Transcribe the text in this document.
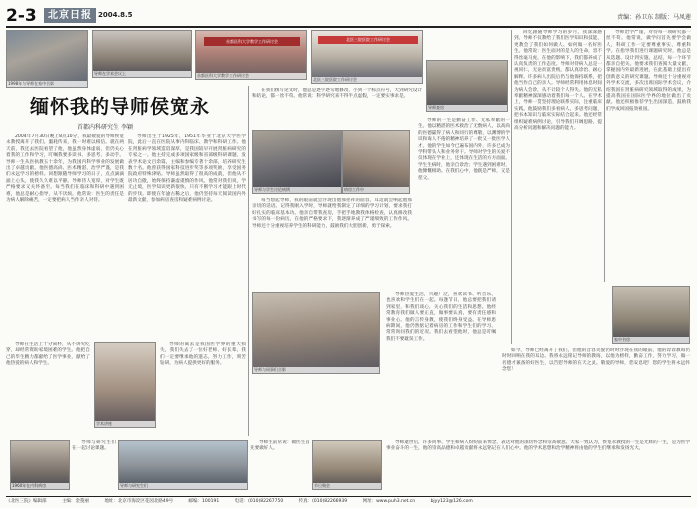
2-3	北京日报 2004.8.5	责编：孙卫东 制版：马凤莲
1998年与导师在家中合影
导师在学术会议上
首都医科大学教学工作研讨会
首都医科大学教学工作研讨会
北医三院医院工作研讨会
北医三院医院工作研讨会
导师查房
导师与学生讨论病例	病房工作中
导师与同事们合影
学术讲座
1960年在内科病房	导师与研究生们	节日聚会
家中书房
缅怀我的导师侯宽永
首都内科研究生 李颖

2004年7月30日晚上8点10分，我最敬爱的导师侯宽永教授离开了我们。噩耗传来，我一时难以相信。就在两天前，我还去医院看望了他，他虽然身体虚弱，但仍关心着我的工作和学习，叮嘱我要多读书、多思考、多动手。导师一生从医执教五十余年，为我国内科学事业的发展做出了卓越贡献。他医德高尚、医术精湛、治学严谨，是我们永远学习的榜样。回想跟随导师学习的日子，点点滴滴涌上心头，使我久久难以平静。导师待人宽厚，对学生既严格要求又关怀备至。每当我们在临床和科研中遇到困难，他总是耐心指导，从不厌烦。他常说：医生的责任是为病人解除痛苦，一定要把病人当作亲人对待。

导师出生于1925年，1951年毕业于北京大学医学院，此后一直在医院从事内科临床、教学和科研工作。他在肾脏病学领域造诣深厚，是我国较早开展肾脏病研究的专家之一。他主持完成多项国家级和省部级科研课题，发表学术论文百余篇，主编和参编专著十余部，培养研究生数十名。他曾获得国家科技进步奖等多项奖励，享受国务院政府特殊津贴。导师虽然取得了很高的成就，但他从不居功自傲，始终保持谦虚谨慎的作风。他常对我们说，学无止境，医学知识更新很快，只有不断学习才能跟上时代的步伐。即使在年逾古稀之后，他仍坚持每天阅读国内外最新文献，参加病房查房和疑难病例讨论。

导师在生活上十分简朴，从不讲究吃穿，却经常资助家境困难的学生。他把自己的毕生精力都献给了医学事业，献给了他热爱的病人和学生。

导师的离去是我国医学界的重大损失，我们失去了一位好老师、好长辈。我们一定要继承他的遗志，努力工作，刻苦钻研，为病人提供更好的服务。

每当想起导师，我的眼前就会浮现出他那慈祥的面容，耳边就会响起他那亲切的话语。记得我刚入学时，导师就给我制定了详细的学习计划，要求我打好扎实的临床基本功。他亲自带我查房，手把手地教我体格检查，认真修改我书写的每一份病历。在他的严格要求下，我逐渐养成了严谨细致的工作作风。导师还十分重视培养学生的科研能力，鼓励我们大胆创新，勇于探索。

在我们撰写论文时，他总是逐字逐句地修改，小到一个标点符号，大到研究设计和结论，都一丝不苟。他常说：科学研究来不得半点虚假，一定要实事求是。

导师热爱生活，兴趣广泛，喜欢读书、听音乐，也喜欢和学生们在一起。每逢节日，他总要把我们请到家里，和我们谈心，关心我们的生活和思想。他经常教育我们做人要正直，做事要认真，要有责任感和事业心。他的言传身教，使我们终身受益。在导师患病期间，他仍然惦记着病房的工作和学生们的学习，常常询问我们的近况。我们去看望他时，他总是叮嘱我们不要耽误工作。

导师的一生是勤奋工作、无私奉献的一生。他以精湛的医术救治了无数病人，以高尚的医德赢得了病人和同行的尊敬，以渊博的学识和诲人不倦的精神培养了一批又一批医学人才。他的学生如今已遍布国内外，许多已成为学科带头人和业务骨干。导师对学生的关爱不仅体现在学业上，还体现在生活的方方面面。学生生病时，他亲自诊治；学生遇到困难时，他慷慨相助。在我们心中，他既是严师，又是慈父。

回忆跟随导师学习的岁月，我深深感到，导师不仅教给了我们医学知识和技能，更教会了我们如何做人、如何做一名好医生。他常说：医生面对的是人的生命，容不得丝毫马虎。在他的影响下，我们都养成了认真负责的工作态度。导师对待病人总是一视同仁，无论贫富贵贱，都认真诊治、耐心解释。许多病人出院后仍与他保持联系，把他当作自己的亲人。导师经常利用休息时间为病人会诊，从不计较个人得失。他的无私奉献精神深深感动着我们每一个人。在学术上，导师一贯坚持理论联系实际，注重临床实践。他鼓励我们多看病人、多思考问题，把书本知识与临床实际结合起来。他还经常组织疑难病例讨论，引导我们开阔思路，提高分析问题和解决问题的能力。

导师治学严谨，对待每一项研究都一丝不苟。他常说，做学问首先要学会做人，科研工作一定要尊重事实、尊重科学。在指导我们进行课题研究时，他总是从选题、设计到实施、总结，每一个环节都亲自把关。他要求我们查阅大量文献，掌握国内外最新进展，在此基础上提出有创新意义的研究课题。导师还十分重视对外学术交流，多次出席国际学术会议，介绍我国在肾脏病研究领域取得的成果，为提高我国在国际医学界的地位做出了贡献。他还积极推荐学生出国深造，鼓励我们学成回国报效祖国。

如今，导师已经离开了我们，但他的音容笑貌仍时时浮现在我的眼前，他的谆谆教诲仍时时回响在我的耳边。我将永远铭记导师的教诲，以他为榜样，勤奋工作，努力学习，做一名德才兼备的好医生，以告慰导师的在天之灵。敬爱的导师，您安息吧！您的学生将永远怀念您！

导师逝世后，许多同事、学生和病人纷纷前来悼念，表达对他的深切怀念和崇高敬意。大家一致认为，侯宽永教授的一生是光辉的一生，是为医学事业奋斗的一生，他的崇高品德和卓越贡献将永远铭记在人们心中。他的学术思想和治学精神将由他的学生们继承和发扬光大。

导师与研究生们在一起讨论课题。

导师生前常说：做医生首先要做好人。

《北医三院》编辑部	主编：金蔓丽	地址：北京市海淀区花园北路49号	邮编：100191	电话：(010)82267750	传真：(010)82266939	网址：www.puh3.net.cn	bjyy123@126.com
